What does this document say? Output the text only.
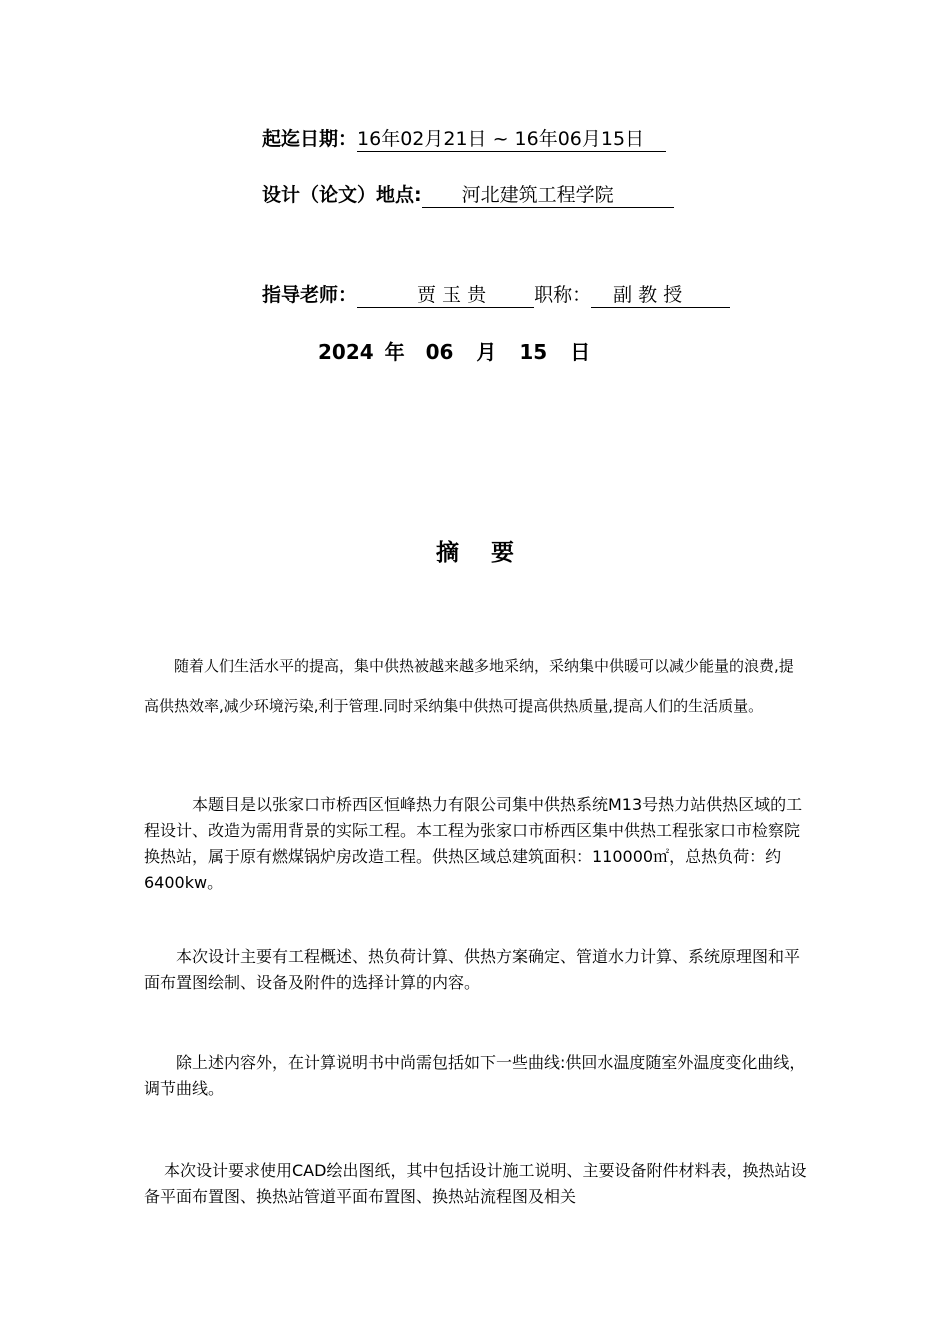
起迄日期：16年02月21日 ~ 16年06月15日
设计（论文）地点: 河北建筑工程学院
指导老师：	贾 玉 贵	职称： 副 教 授
2024 年 06 月 15 日
摘    要
随着人们生活水平的提高，集中供热被越来越多地采纳，采纳集中供暖可以减少能量的浪费,提高供热效率,减少环境污染,利于管理.同时采纳集中供热可提高供热质量,提高人们的生活质量。
本题目是以张家口市桥西区恒峰热力有限公司集中供热系统M13号热力站供热区域的工程设计、改造为需用背景的实际工程。本工程为张家口市桥西区集中供热工程张家口市检察院换热站，属于原有燃煤锅炉房改造工程。供热区域总建筑面积：110000㎡，总热负荷：约6400kw。
本次设计主要有工程概述、热负荷计算、供热方案确定、管道水力计算、系统原理图和平面布置图绘制、设备及附件的选择计算的内容。
除上述内容外，在计算说明书中尚需包括如下一些曲线:供回水温度随室外温度变化曲线，调节曲线。
本次设计要求使用CAD绘出图纸，其中包括设计施工说明、主要设备附件材料表，换热站设备平面布置图、换热站管道平面布置图、换热站流程图及相关
